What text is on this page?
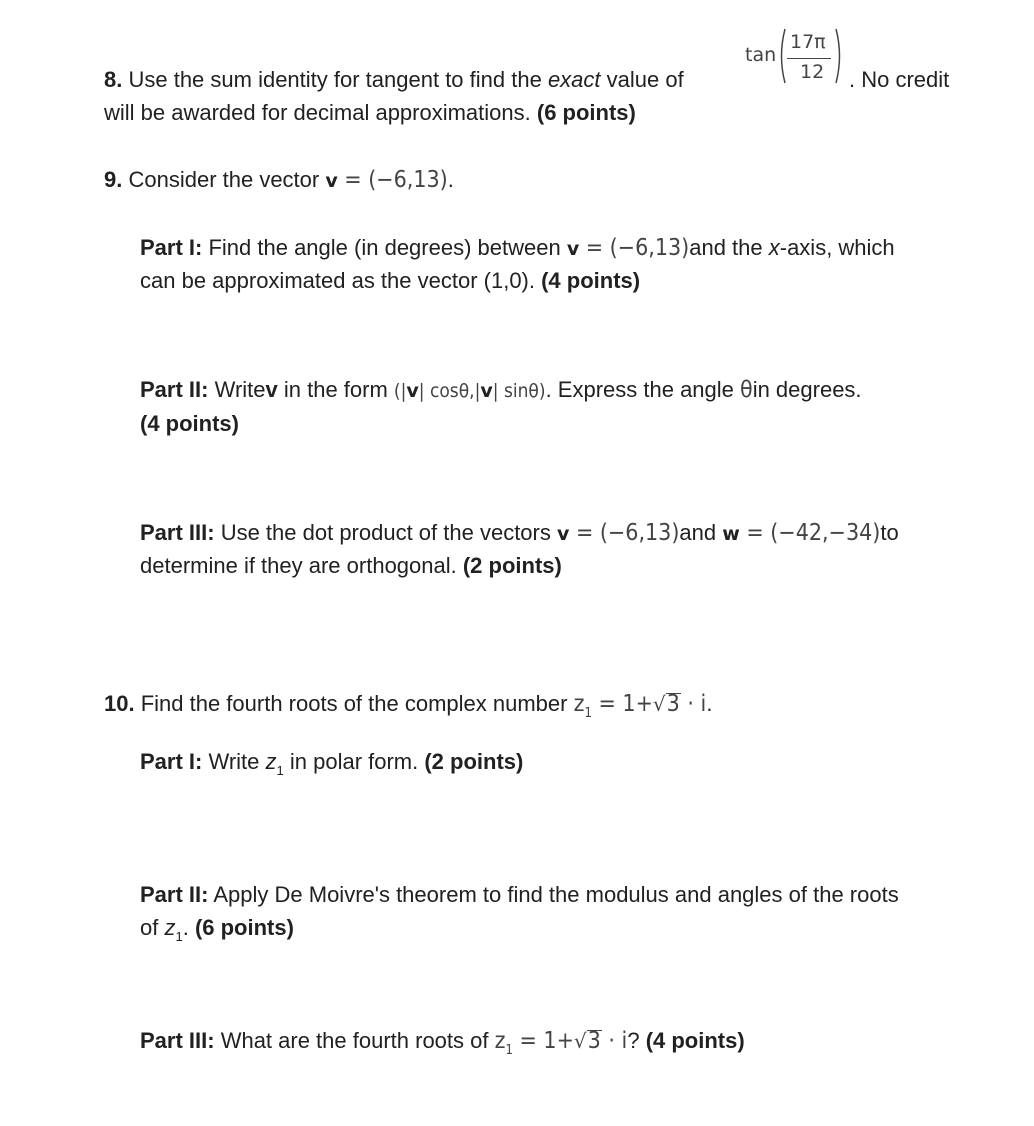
tan
17π
12
8. Use the sum identity for tangent to find the exact value of	. No credit
will be awarded for decimal approximations. (6 points)
9. Consider the vector v = (−6,13).
Part I: Find the angle (in degrees) between v = (−6,13)and the x-axis, which
can be approximated as the vector (1,0). (4 points)
Part II: Writev in the form (|v| cosθ,|v| sinθ). Express the angle θin degrees.
(4 points)
Part III: Use the dot product of the vectors v = (−6,13)and w = (−42,−34)to
determine if they are orthogonal. (2 points)
10. Find the fourth roots of the complex number $z_1 = 1+√3 \cdot i$.
Part I: Write $z_1$ in polar form. (2 points)
Part II: Apply De Moivre's theorem to find the modulus and angles of the roots
of $z_1$. (6 points)
Part III: What are the fourth roots of $z_1 = 1+√3 \cdot i$? (4 points)
